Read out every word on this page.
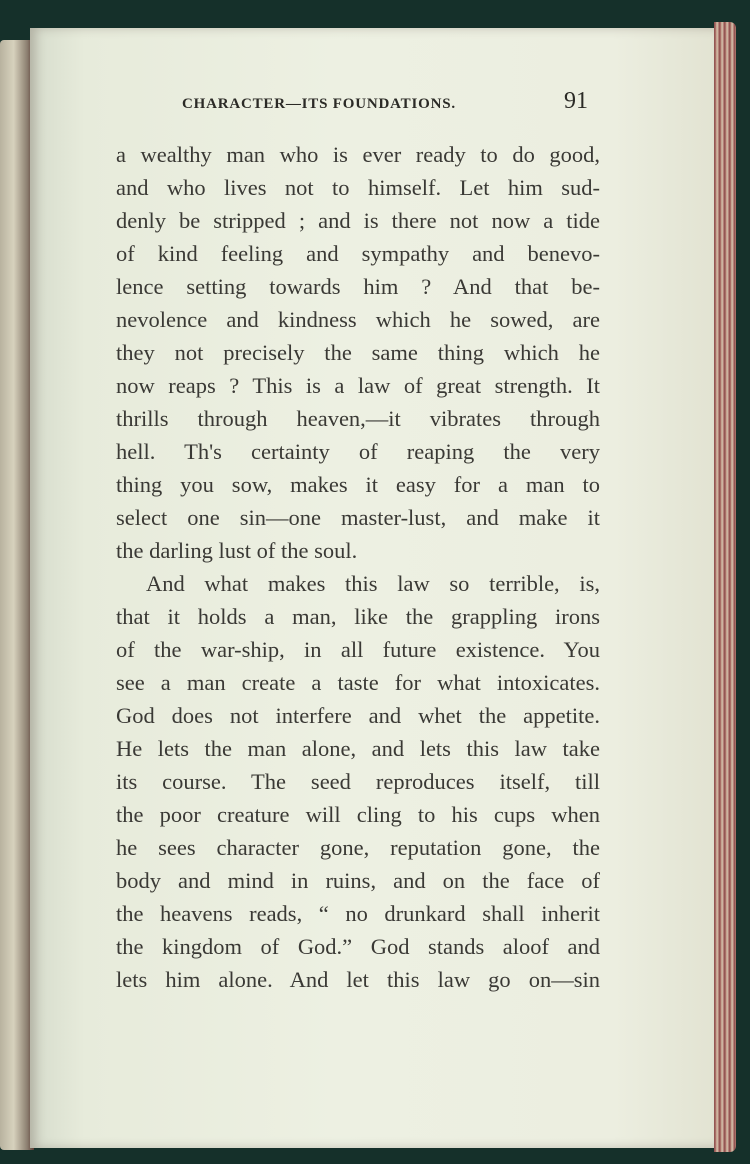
CHARACTER—ITS FOUNDATIONS.	91
a wealthy man who is ever ready to do good,
and who lives not to himself. Let him sud-
denly be stripped ; and is there not now a tide
of kind feeling and sympathy and benevo-
lence setting towards him ? And that be-
nevolence and kindness which he sowed, are
they not precisely the same thing which he
now reaps ? This is a law of great strength. It
thrills through heaven,—it vibrates through
hell. Th's certainty of reaping the very
thing you sow, makes it easy for a man to
select one sin—one master-lust, and make it
the darling lust of the soul.
And what makes this law so terrible, is,
that it holds a man, like the grappling irons
of the war-ship, in all future existence. You
see a man create a taste for what intoxicates.
God does not interfere and whet the appetite.
He lets the man alone, and lets this law take
its course. The seed reproduces itself, till
the poor creature will cling to his cups when
he sees character gone, reputation gone, the
body and mind in ruins, and on the face of
the heavens reads, “ no drunkard shall inherit
the kingdom of God.” God stands aloof and
lets him alone. And let this law go on—sin
